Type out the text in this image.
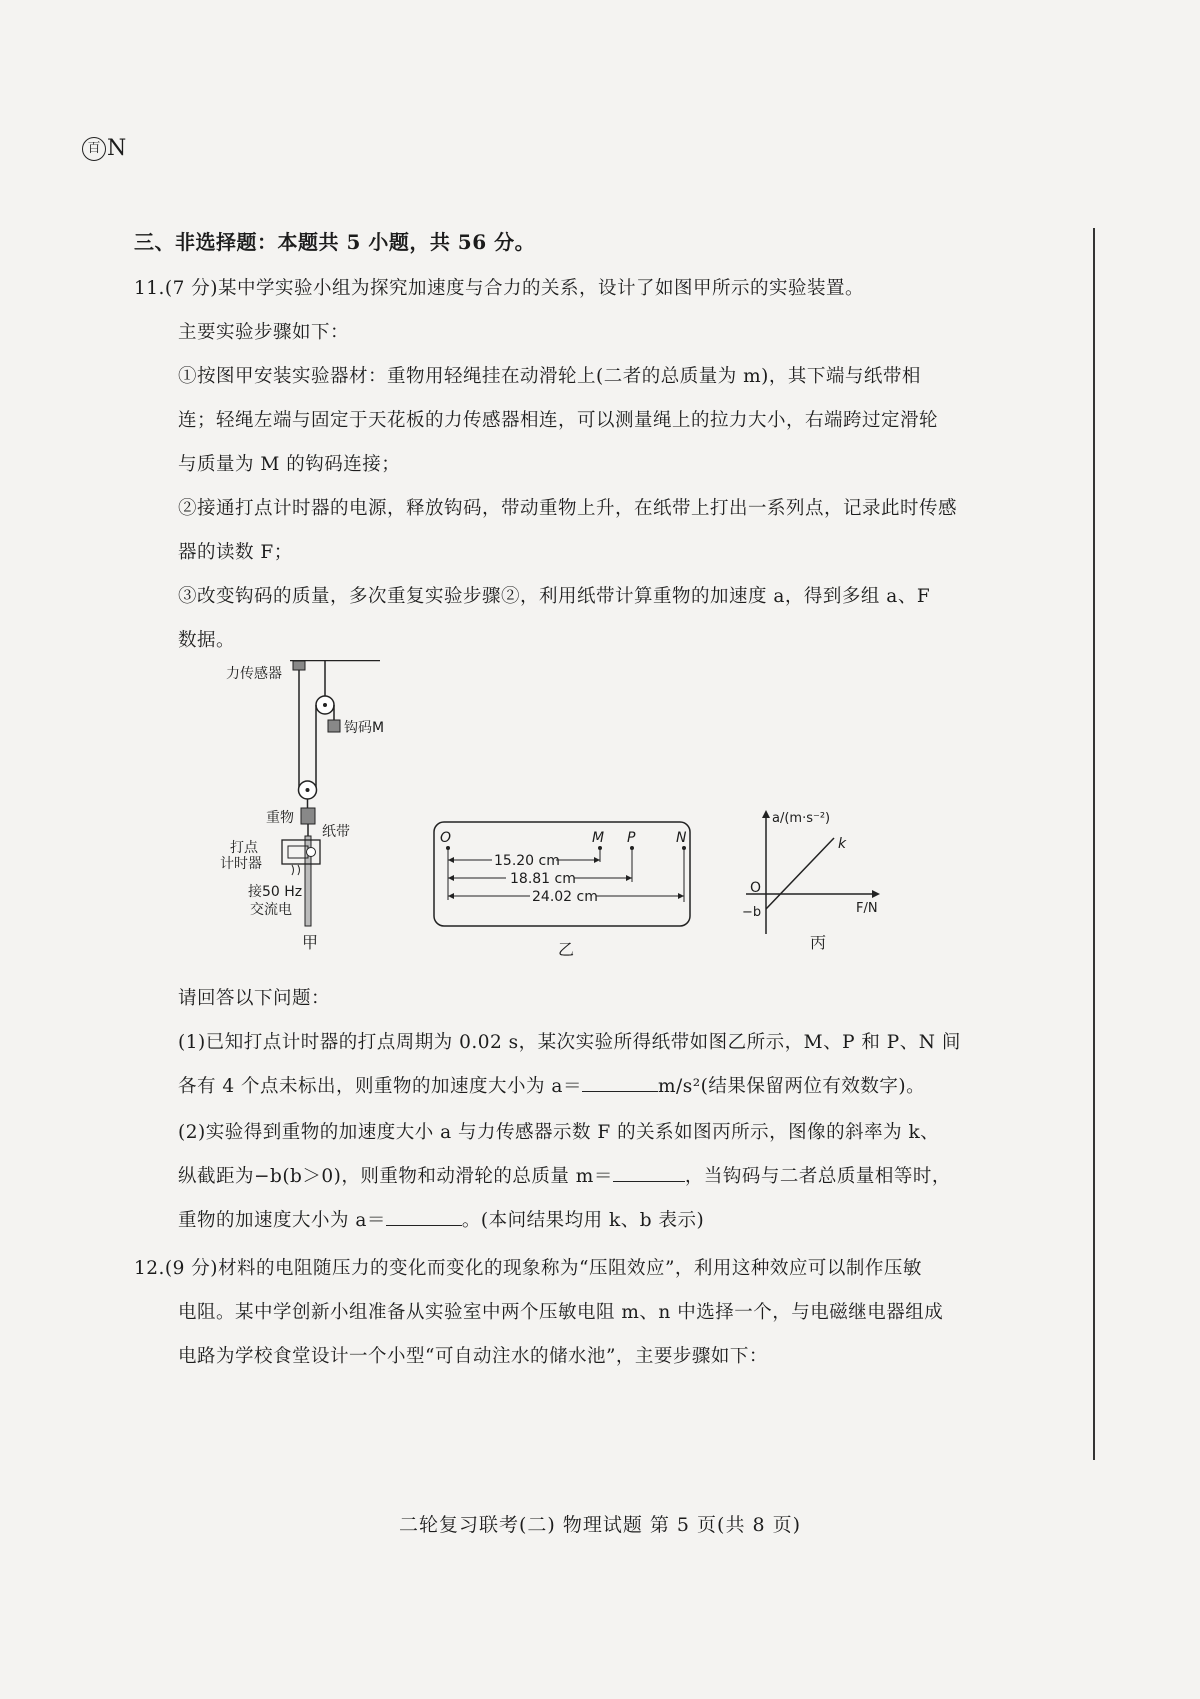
百 N
三、非选择题：本题共 5 小题，共 56 分。
11.(7 分)某中学实验小组为探究加速度与合力的关系，设计了如图甲所示的实验装置。
主要实验步骤如下：
①按图甲安装实验器材：重物用轻绳挂在动滑轮上(二者的总质量为 m)，其下端与纸带相
连；轻绳左端与固定于天花板的力传感器相连，可以测量绳上的拉力大小，右端跨过定滑轮
与质量为 M 的钩码连接；
②接通打点计时器的电源，释放钩码，带动重物上升，在纸带上打出一系列点，记录此时传感
器的读数 F；
③改变钩码的质量，多次重复实验步骤②，利用纸带计算重物的加速度 a，得到多组 a、F
数据。
力传感器
钩码M
重物
纸带
打点
计时器
接50 Hz
交流电
甲
O	M P	N
15.20 cm
18.81 cm
24.02 cm
乙
a/(m·s⁻²)
F/N
O
−b
k
丙
请回答以下问题：
(1)已知打点计时器的打点周期为 0.02 s，某次实验所得纸带如图乙所示，M、P 和 P、N 间
各有 4 个点未标出，则重物的加速度大小为 a＝	m/s²(结果保留两位有效数字)。
(2)实验得到重物的加速度大小 a 与力传感器示数 F 的关系如图丙所示，图像的斜率为 k、
纵截距为−b(b＞0)，则重物和动滑轮的总质量 m＝	，当钩码与二者总质量相等时，
重物的加速度大小为 a＝	。(本问结果均用 k、b 表示)
12.(9 分)材料的电阻随压力的变化而变化的现象称为“压阻效应”，利用这种效应可以制作压敏
电阻。某中学创新小组准备从实验室中两个压敏电阻 m、n 中选择一个，与电磁继电器组成
电路为学校食堂设计一个小型“可自动注水的储水池”，主要步骤如下：
二轮复习联考(二) 物理试题 第 5 页(共 8 页)
